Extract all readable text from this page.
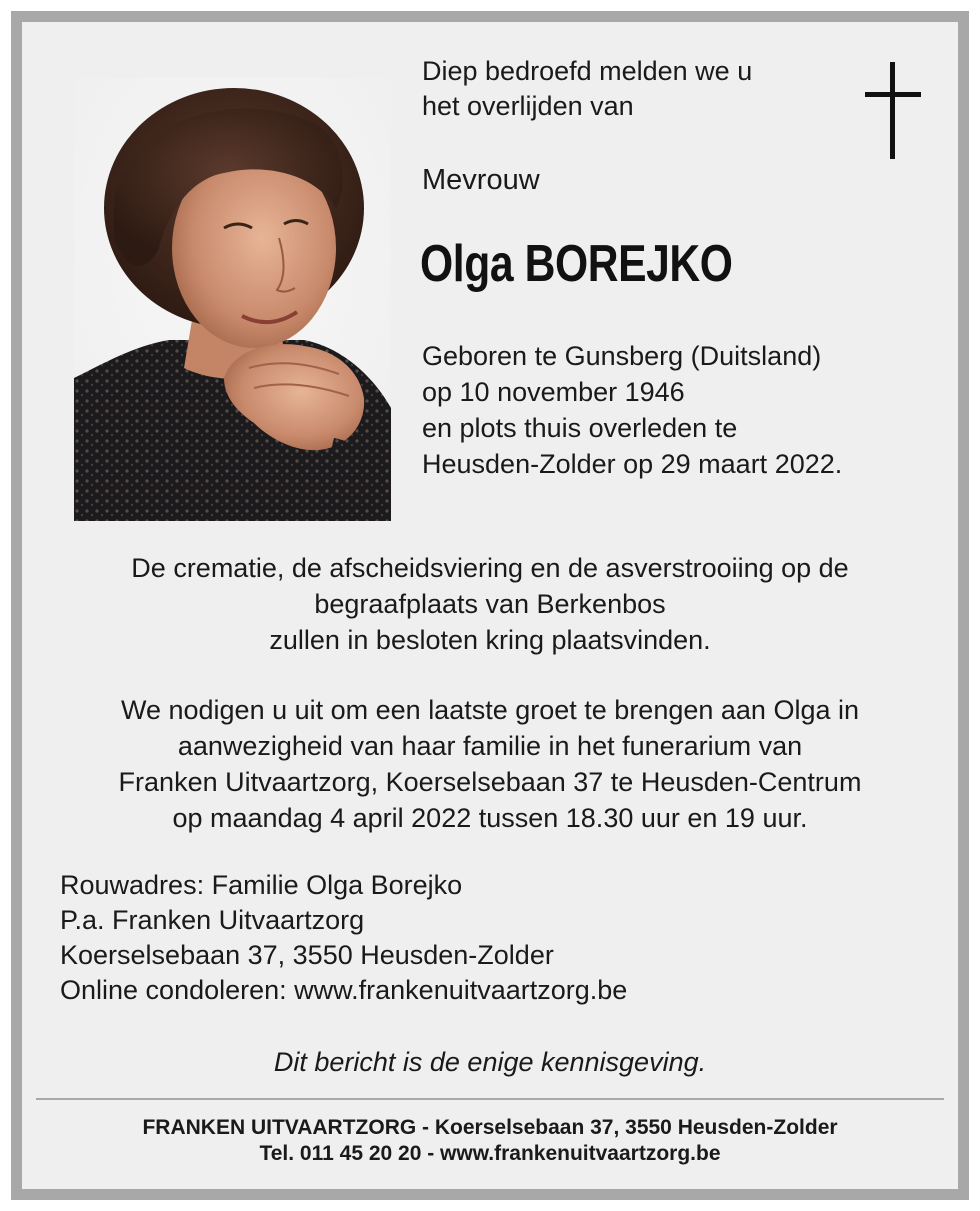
Diep bedroefd melden we u
het overlijden van
Mevrouw
Olga BOREJKO
Geboren te Gunsberg (Duitsland)
op 10 november 1946
en plots thuis overleden te
Heusden-Zolder op 29 maart 2022.
De crematie, de afscheidsviering en de asverstrooiing op de
begraafplaats van Berkenbos
zullen in besloten kring plaatsvinden.
We nodigen u uit om een laatste groet te brengen aan Olga in
aanwezigheid van haar familie in het funerarium van
Franken Uitvaartzorg, Koerselsebaan 37 te Heusden-Centrum
op maandag 4 april 2022 tussen 18.30 uur en 19 uur.
Rouwadres: Familie Olga Borejko
P.a. Franken Uitvaartzorg
Koerselsebaan 37, 3550 Heusden-Zolder
Online condoleren: www.frankenuitvaartzorg.be
Dit bericht is de enige kennisgeving.
FRANKEN UITVAARTZORG - Koerselsebaan 37, 3550 Heusden-Zolder
Tel. 011 45 20 20 - www.frankenuitvaartzorg.be
